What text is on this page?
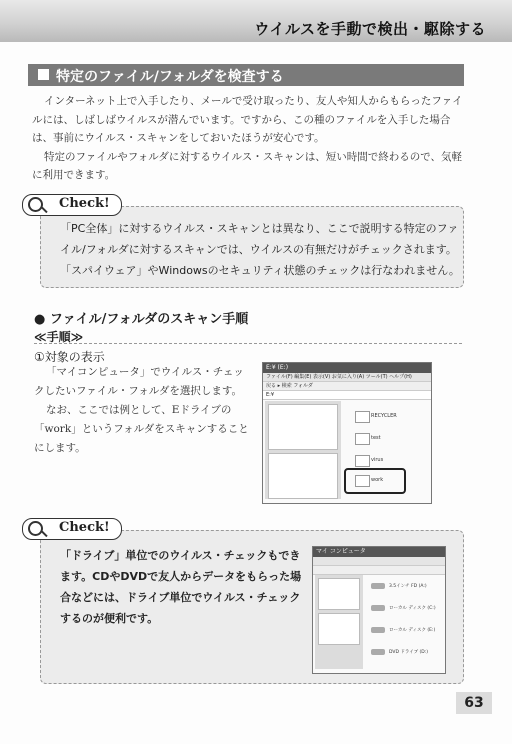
ウイルスを手動で検出・駆除する
特定のファイル/フォルダを検査する

インターネット上で入手したり、メールで受け取ったり、友人や知人からもらったファイルには、しばしばウイルスが潜んでいます。ですから、この種のファイルを入手した場合は、事前にウイルス・スキャンをしておいたほうが安心です。

特定のファイルやフォルダに対するウイルス・スキャンは、短い時間で終わるので、気軽に利用できます。

Check!
「PC全体」に対するウイルス・スキャンとは異なり、ここで説明する特定のファイル/フォルダに対するスキャンでは、ウイルスの有無だけがチェックされます。
「スパイウェア」やWindowsのセキュリティ状態のチェックは行なわれません。
● ファイル/フォルダのスキャン手順
≪手順≫
①対象の表示

「マイコンピュータ」でウイルス・チェックしたいファイル・フォルダを選択します。

なお、ここでは例として、Eドライブの「work」というフォルダをスキャンすることにします。

E:¥ (E:)
ファイル(F) 編集(E) 表示(V) お気に入り(A) ツール(T) ヘルプ(H)
戻る ▸ 検索 フォルダ
E:¥
RECYCLER
test
virus
work
Check!
「ドライブ」単位でのウイルス・チェックもできます。CDやDVDで友人からデータをもらった場合などには、ドライブ単位でウイルス・チェックするのが便利です。
マイ コンピュータ
3.5インチ FD (A:)
ローカル ディスク (C:)
ローカル ディスク (E:)
DVD ドライブ (D:)
63
